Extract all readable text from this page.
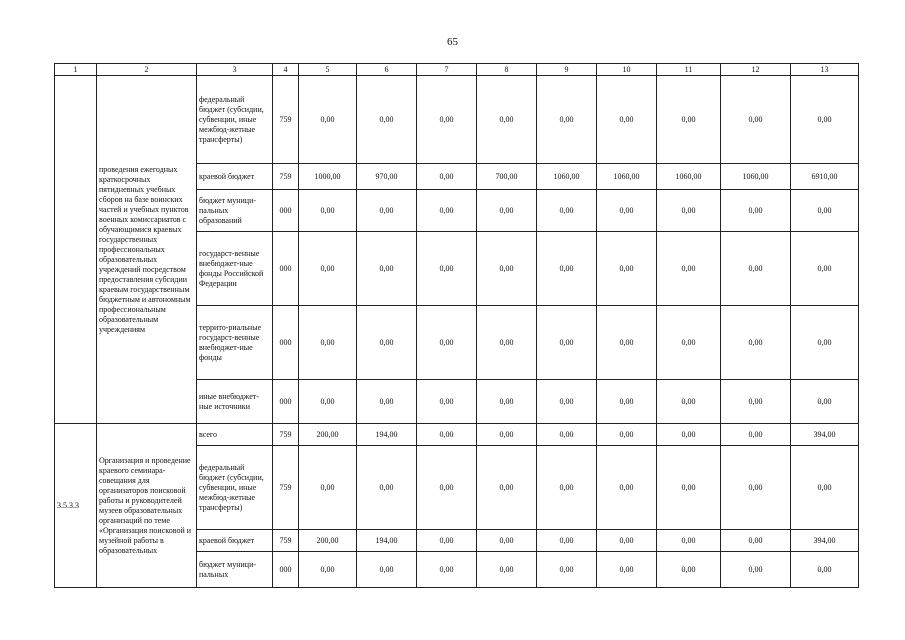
65
1	2	3	4	5	6	7	8	9	10	11	12	13
	проведения ежегодных краткосрочных пятидневных учебных сборов на базе воинских частей и учебных пунктов военных комиссариатов с обучающимися краевых государственных профессиональных образовательных учреждений посредством предоставления субсидии краевым государственным бюджетным и автономным профессиональным образовательным учреждениям	федеральный бюджет (субсидии, субвенции, иные межбюд-жетные трансферты)	759	0,00	0,00	0,00	0,00	0,00	0,00	0,00	0,00	0,00
		краевой бюджет	759	1000,00	970,00	0,00	700,00	1060,00	1060,00	1060,00	1060,00	6910,00
		бюджет муници-пальных образований	000	0,00	0,00	0,00	0,00	0,00	0,00	0,00	0,00	0,00
		государст-венные внебюджет-ные фонды Российской Федерации	000	0,00	0,00	0,00	0,00	0,00	0,00	0,00	0,00	0,00
		террито-риальные государст-венные внебюджет-ные фонды	000	0,00	0,00	0,00	0,00	0,00	0,00	0,00	0,00	0,00
		иные внебюджет-ные источники	000	0,00	0,00	0,00	0,00	0,00	0,00	0,00	0,00	0,00
3.5.3.3	Организация и проведение краевого семинара-совещания для организаторов поисковой работы и руководителей музеев образовательных организаций по теме «Организация поисковой и музейной работы в образовательных	всего	759	200,00	194,00	0,00	0,00	0,00	0,00	0,00	0,00	394,00
		федеральный бюджет (субсидии, субвенции, иные межбюд-жетные трансферты)	759	0,00	0,00	0,00	0,00	0,00	0,00	0,00	0,00	0,00
		краевой бюджет	759	200,00	194,00	0,00	0,00	0,00	0,00	0,00	0,00	394,00
		бюджет муници-пальных	000	0,00	0,00	0,00	0,00	0,00	0,00	0,00	0,00	0,00
